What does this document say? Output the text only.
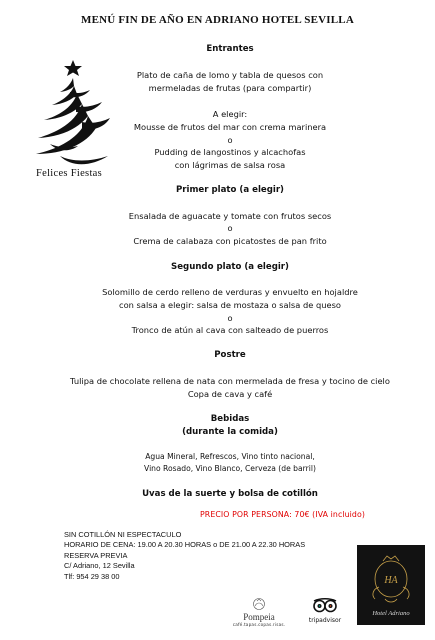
MENÚ FIN DE AÑO EN ADRIANO HOTEL SEVILLA
Felices Fiestas
Entrantes
Plato de caña de lomo y tabla de quesos con
mermeladas de frutas (para compartir)
A elegir:
Mousse de frutos del mar con crema marinera
o
Pudding de langostinos y alcachofas
con lágrimas de salsa rosa
Primer plato (a elegir)
Ensalada de aguacate y tomate con frutos secos
o
Crema de calabaza con picatostes de pan frito
Segundo plato (a elegir)
Solomillo de cerdo relleno de verduras y envuelto en hojaldre
con salsa a elegir: salsa de mostaza o salsa de queso
o
Tronco de atún al cava con salteado de puerros
Postre
Tulipa de chocolate rellena de nata con mermelada de fresa y tocino de cielo
Copa de cava y café
Bebidas
(durante la comida)
Agua Mineral, Refrescos, Vino tinto nacional,
Vino Rosado, Vino Blanco, Cerveza (de barril)
Uvas de la suerte y bolsa de cotillón
PRECIO POR PERSONA: 70€ (IVA incluido)
SIN COTILLÓN NI ESPECTACULO
HORARIO DE CENA: 19.00 A 20.30 HORAS o DE 21.00 A 22.30 HORAS
RESERVA PREVIA
C/ Adriano, 12 Sevilla
Tlf: 954 29 38 00
Pompeia
café.tapas.copas.risas.
tripadvisor
HA
Hotel Adriano
